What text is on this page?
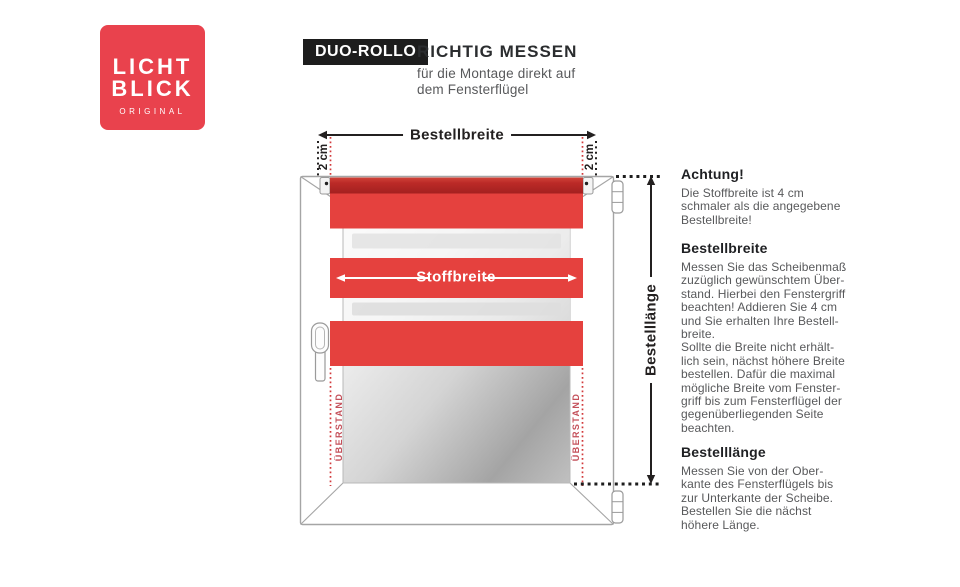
LICHT
BLICK
ORIGINAL
DUO-ROLLO RICHTIG MESSEN
für die Montage direkt auf
dem Fensterflügel
Bestellbreite
Stoffbreite
Bestelllänge
2 cm	2 cm
ÜBERSTAND	ÜBERSTAND
Achtung!
Die Stoffbreite ist 4 cm
schmaler als die angegebene
Bestellbreite!
Bestellbreite
Messen Sie das Scheibenmaß
zuzüglich gewünschtem Über-
stand. Hierbei den Fenstergriff
beachten! Addieren Sie 4 cm
und Sie erhalten Ihre Bestell-
breite.
Sollte die Breite nicht erhält-
lich sein, nächst höhere Breite
bestellen. Dafür die maximal
mögliche Breite vom Fenster-
griff bis zum Fensterflügel der
gegenüberliegenden Seite
beachten.
Bestelllänge
Messen Sie von der Ober-
kante des Fensterflügels bis
zur Unterkante der Scheibe.
Bestellen Sie die nächst
höhere Länge.
